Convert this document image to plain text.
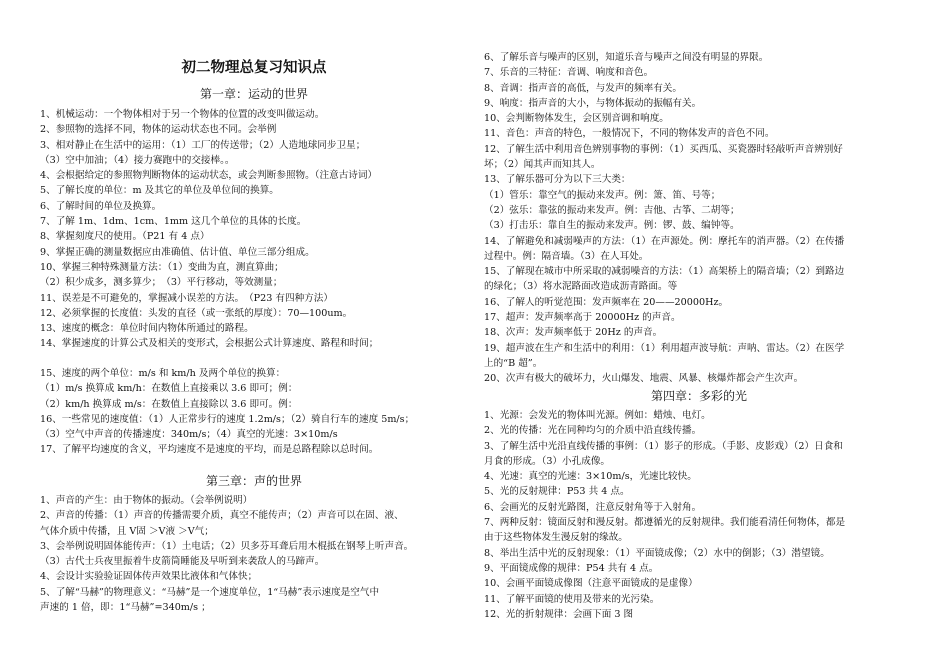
初二物理总复习知识点
第一章：运动的世界
1、机械运动：一个物体相对于另一个物体的位置的改变叫做运动。
2、参照物的选择不同，物体的运动状态也不同。会举例
3、相对静止在生活中的运用：（1）工厂的传送带；（2）人造地球同步卫星；
（3）空中加油；（4）接力赛跑中的交接棒。。
4、会根据给定的参照物判断物体的运动状态，或会判断参照物。（注意古诗词）
5、了解长度的单位：m 及其它的单位及单位间的换算。
6、了解时间的单位及换算。
7、了解 1m、1dm、1cm、1mm 这几个单位的具体的长度。
8、掌握刻度尺的使用。（P21 有 4 点）
9、掌握正确的测量数据应由准确值、估计值、单位三部分组成。
10、掌握三种特殊测量方法：（1）变曲为直，测直算曲；
（2）积少成多，测多算少；　（3）平行移动，等效测量；
11、误差是不可避免的，掌握减小误差的方法。　（P23 有四种方法）
12、必须掌握的长度值：头发的直径（或一张纸的厚度）：70—100um。
13、速度的概念：单位时间内物体所通过的路程。
14、掌握速度的计算公式及相关的变形式，会根据公式计算速度、路程和时间；
15、速度的两个单位：m/s 和 km/h 及两个单位的换算：
（1）m/s 换算成 km/h：在数值上直接乘以 3.6 即可；例：
（2）km/h 换算成 m/s：在数值上直接除以 3.6 即可。例：
16、一些常见的速度值：（1）人正常步行的速度 1.2m/s；（2）骑自行车的速度 5m/s；
（3）空气中声音的传播速度：340m/s；（4）真空的光速：3×10m/s
17、了解平均速度的含义，平均速度不是速度的平均，而是总路程除以总时间。
第三章：声的世界
1、声音的产生：由于物体的振动。（会举例说明）
2、声音的传播：（1）声音的传播需要介质，真空不能传声；（2）声音可以在固、液、
气体介质中传播，且 V固 ＞V液 ＞V气；
3、会举例说明固体能传声：（1）土电话；（2）贝多芬耳聋后用木棍抵在钢琴上听声音。
（3）古代士兵夜里振着牛皮箭筒睡能及早听到来袭敌人的马蹄声。
4、会设计实验验证固体传声效果比液体和气体快；
5、了解“马赫”的物理意义：“马赫”是一个速度单位，1“马赫”表示速度是空气中
声速的 1 倍，即：1“马赫”=340m/s ；
6、了解乐音与噪声的区别，知道乐音与噪声之间没有明显的界限。
7、乐音的三特征：音调、响度和音色。
8、音调：指声音的高低，与发声的频率有关。
9、响度：指声音的大小，与物体振动的振幅有关。
10、会判断物体发生，会区别音调和响度。
11、音色：声音的特色，一般情况下，不同的物体发声的音色不同。
12、了解生活中利用音色辨别事物的事例：（1）买西瓜、买瓷器时轻敲听声音辨别好
坏；（2）闻其声而知其人。
13、了解乐器可分为以下三大类：
（1）管乐：靠空气的振动来发声。例：箫、笛、号等；
（2）弦乐：靠弦的振动来发声。例：吉他、古筝、二胡等；
（3）打击乐：靠自生的振动来发声。例：锣、鼓、编钟等。
14、了解避免和减弱噪声的方法：（1）在声源处。例：摩托车的消声器。（2）在传播
过程中。例：隔音墙。（3）在人耳处。
15、了解现在城市中所采取的减弱噪音的方法：（1）高架桥上的隔音墙；（2）到路边
的绿化；（3）将水泥路面改造成沥青路面。等
16、了解人的听觉范围：发声频率在 20——20000Hz。
17、超声：发声频率高于 20000Hz 的声音。
18、次声：发声频率低于 20Hz 的声音。
19、超声波在生产和生活中的利用：（1）利用超声波导航：声呐、雷达。（2）在医学
上的“B 超”。
20、次声有极大的破坏力，火山爆发、地震、风暴、核爆炸都会产生次声。
第四章：多彩的光
1、光源：会发光的物体叫光源。例如：蜡烛、电灯。
2、光的传播：光在同种均匀的介质中沿直线传播。
3、了解生活中光沿直线传播的事例：（1）影子的形成。（手影、皮影戏）（2）日食和
月食的形成。（3）小孔成像。
4、光速：真空的光速：3×10m/s，光速比较快。
5、光的反射规律：P53 共 4 点。
6、会画光的反射光路图，注意反射角等于入射角。
7、两种反射：镜面反射和漫反射。都遵循光的反射规律。我们能看清任何物体，都是
由于这些物体发生漫反射的缘故。
8、举出生活中光的反射现象：（1）平面镜成像；（2）水中的倒影；（3）潜望镜。
9、平面镜成像的规律：P54 共有 4 点。
10、会画平面镜成像图（注意平面镜成的是虚像）
11、了解平面镜的使用及带来的光污染。
12、光的折射规律：会画下面 3 图
